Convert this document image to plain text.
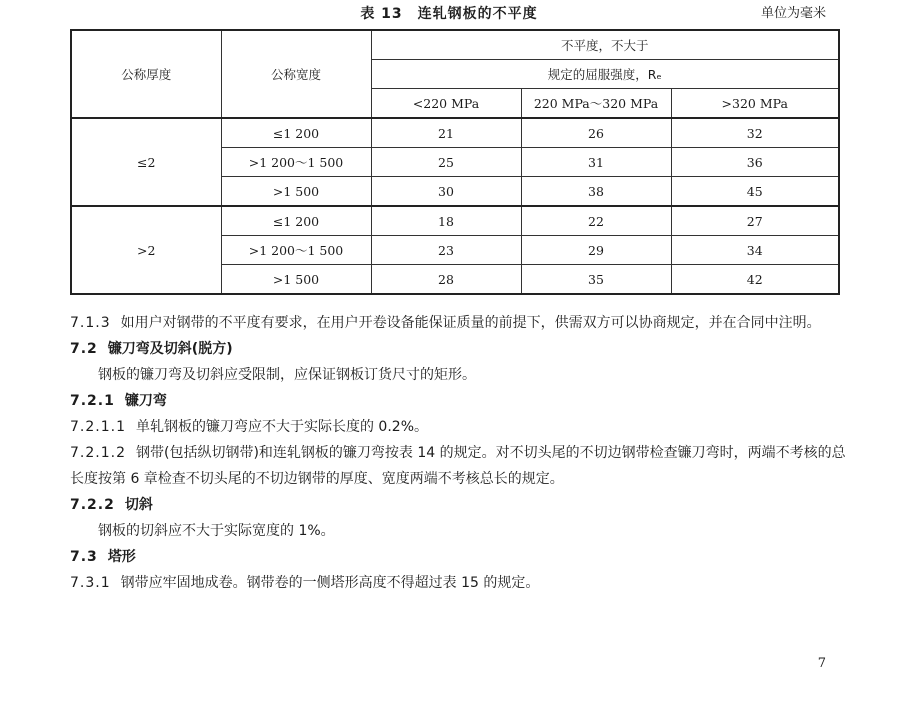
表 13　连轧钢板的不平度	单位为毫米
公称厚度	公称宽度	不平度，不大于		
		规定的屈服强度，Rₑ		
		<220 MPa	220 MPa～320 MPa	>320 MPa
≤2	≤1 200	21	26	32
	>1 200～1 500	25	31	36
	>1 500	30	38	45
>2	≤1 200	18	22	27
	>1 200～1 500	23	29	34
	>1 500	28	35	42

7.1.3 如用户对钢带的不平度有要求，在用户开卷设备能保证质量的前提下，供需双方可以协商规定，并在合同中注明。

7.2 镰刀弯及切斜(脱方)

钢板的镰刀弯及切斜应受限制，应保证钢板订货尺寸的矩形。

7.2.1 镰刀弯

7.2.1.1 单轧钢板的镰刀弯应不大于实际长度的 0.2%。

7.2.1.2 钢带(包括纵切钢带)和连轧钢板的镰刀弯按表 14 的规定。对不切头尾的不切边钢带检查镰刀弯时，两端不考核的总长度按第 6 章检查不切头尾的不切边钢带的厚度、宽度两端不考核总长的规定。

7.2.2 切斜

钢板的切斜应不大于实际宽度的 1%。

7.3 塔形

7.3.1 钢带应牢固地成卷。钢带卷的一侧塔形高度不得超过表 15 的规定。

7
